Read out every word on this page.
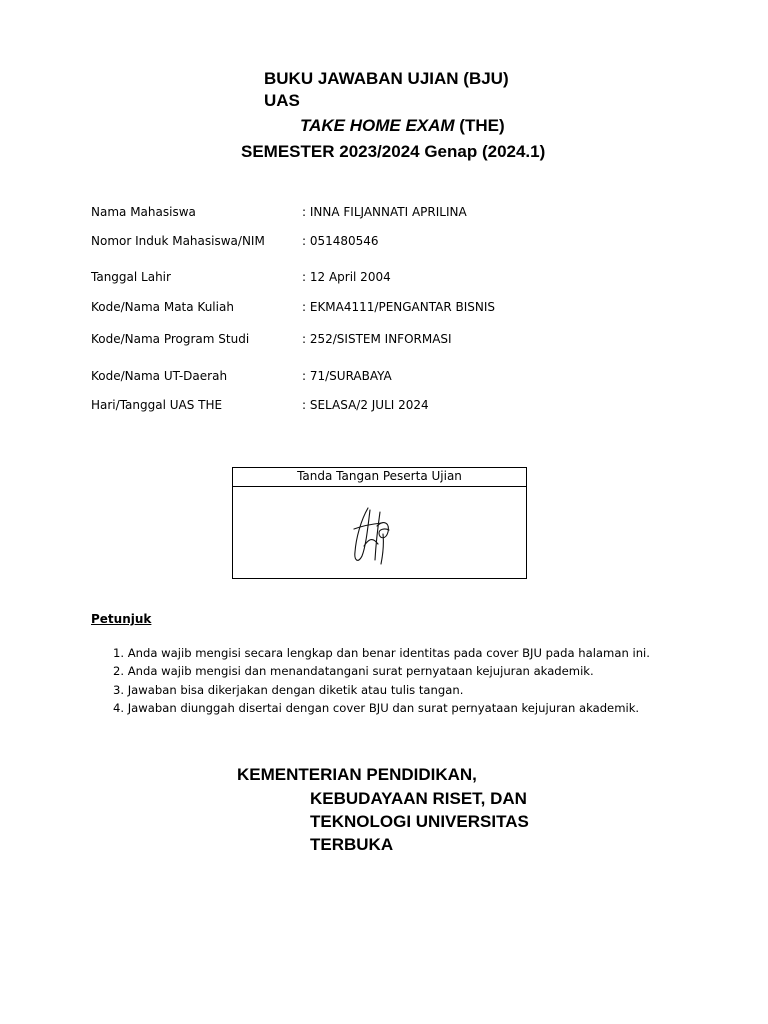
BUKU JAWABAN UJIAN (BJU)
UAS
TAKE HOME EXAM (THE)
SEMESTER 2023/2024 Genap (2024.1)
Nama Mahasiswa	: INNA FILJANNATI APRILINA
Nomor Induk Mahasiswa/NIM	: 051480546
Tanggal Lahir	: 12 April 2004
Kode/Nama Mata Kuliah	: EKMA4111/PENGANTAR BISNIS
Kode/Nama Program Studi	: 252/SISTEM INFORMASI
Kode/Nama UT-Daerah	: 71/SURABAYA
Hari/Tanggal UAS THE	: SELASA/2 JULI 2024
Tanda Tangan Peserta Ujian
Petunjuk
1. Anda wajib mengisi secara lengkap dan benar identitas pada cover BJU pada halaman ini.
2. Anda wajib mengisi dan menandatangani surat pernyataan kejujuran akademik.
3. Jawaban bisa dikerjakan dengan diketik atau tulis tangan.
4. Jawaban diunggah disertai dengan cover BJU dan surat pernyataan kejujuran akademik.
KEMENTERIAN PENDIDIKAN,
KEBUDAYAAN RISET, DAN
TEKNOLOGI UNIVERSITAS
TERBUKA
